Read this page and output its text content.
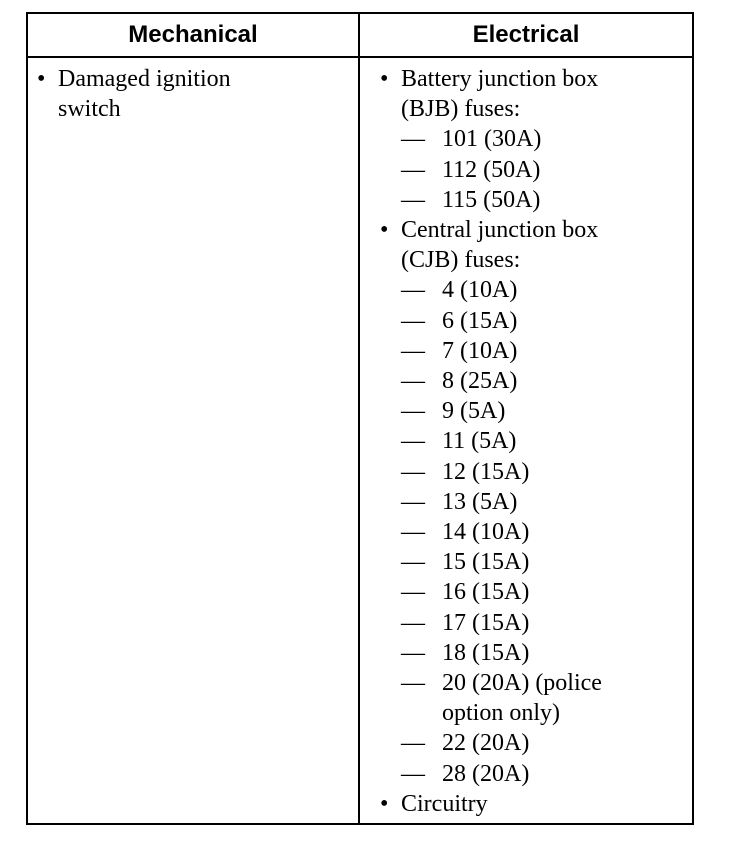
Mechanical	Electrical
• Damaged ignition
switch
• Battery junction box
(BJB) fuses:
— 101 (30A)
— 112 (50A)
— 115 (50A)
• Central junction box
(CJB) fuses:
— 4 (10A)
— 6 (15A)
— 7 (10A)
— 8 (25A)
— 9 (5A)
— 11 (5A)
— 12 (15A)
— 13 (5A)
— 14 (10A)
— 15 (15A)
— 16 (15A)
— 17 (15A)
— 18 (15A)
— 20 (20A) (police
option only)
— 22 (20A)
— 28 (20A)
• Circuitry
